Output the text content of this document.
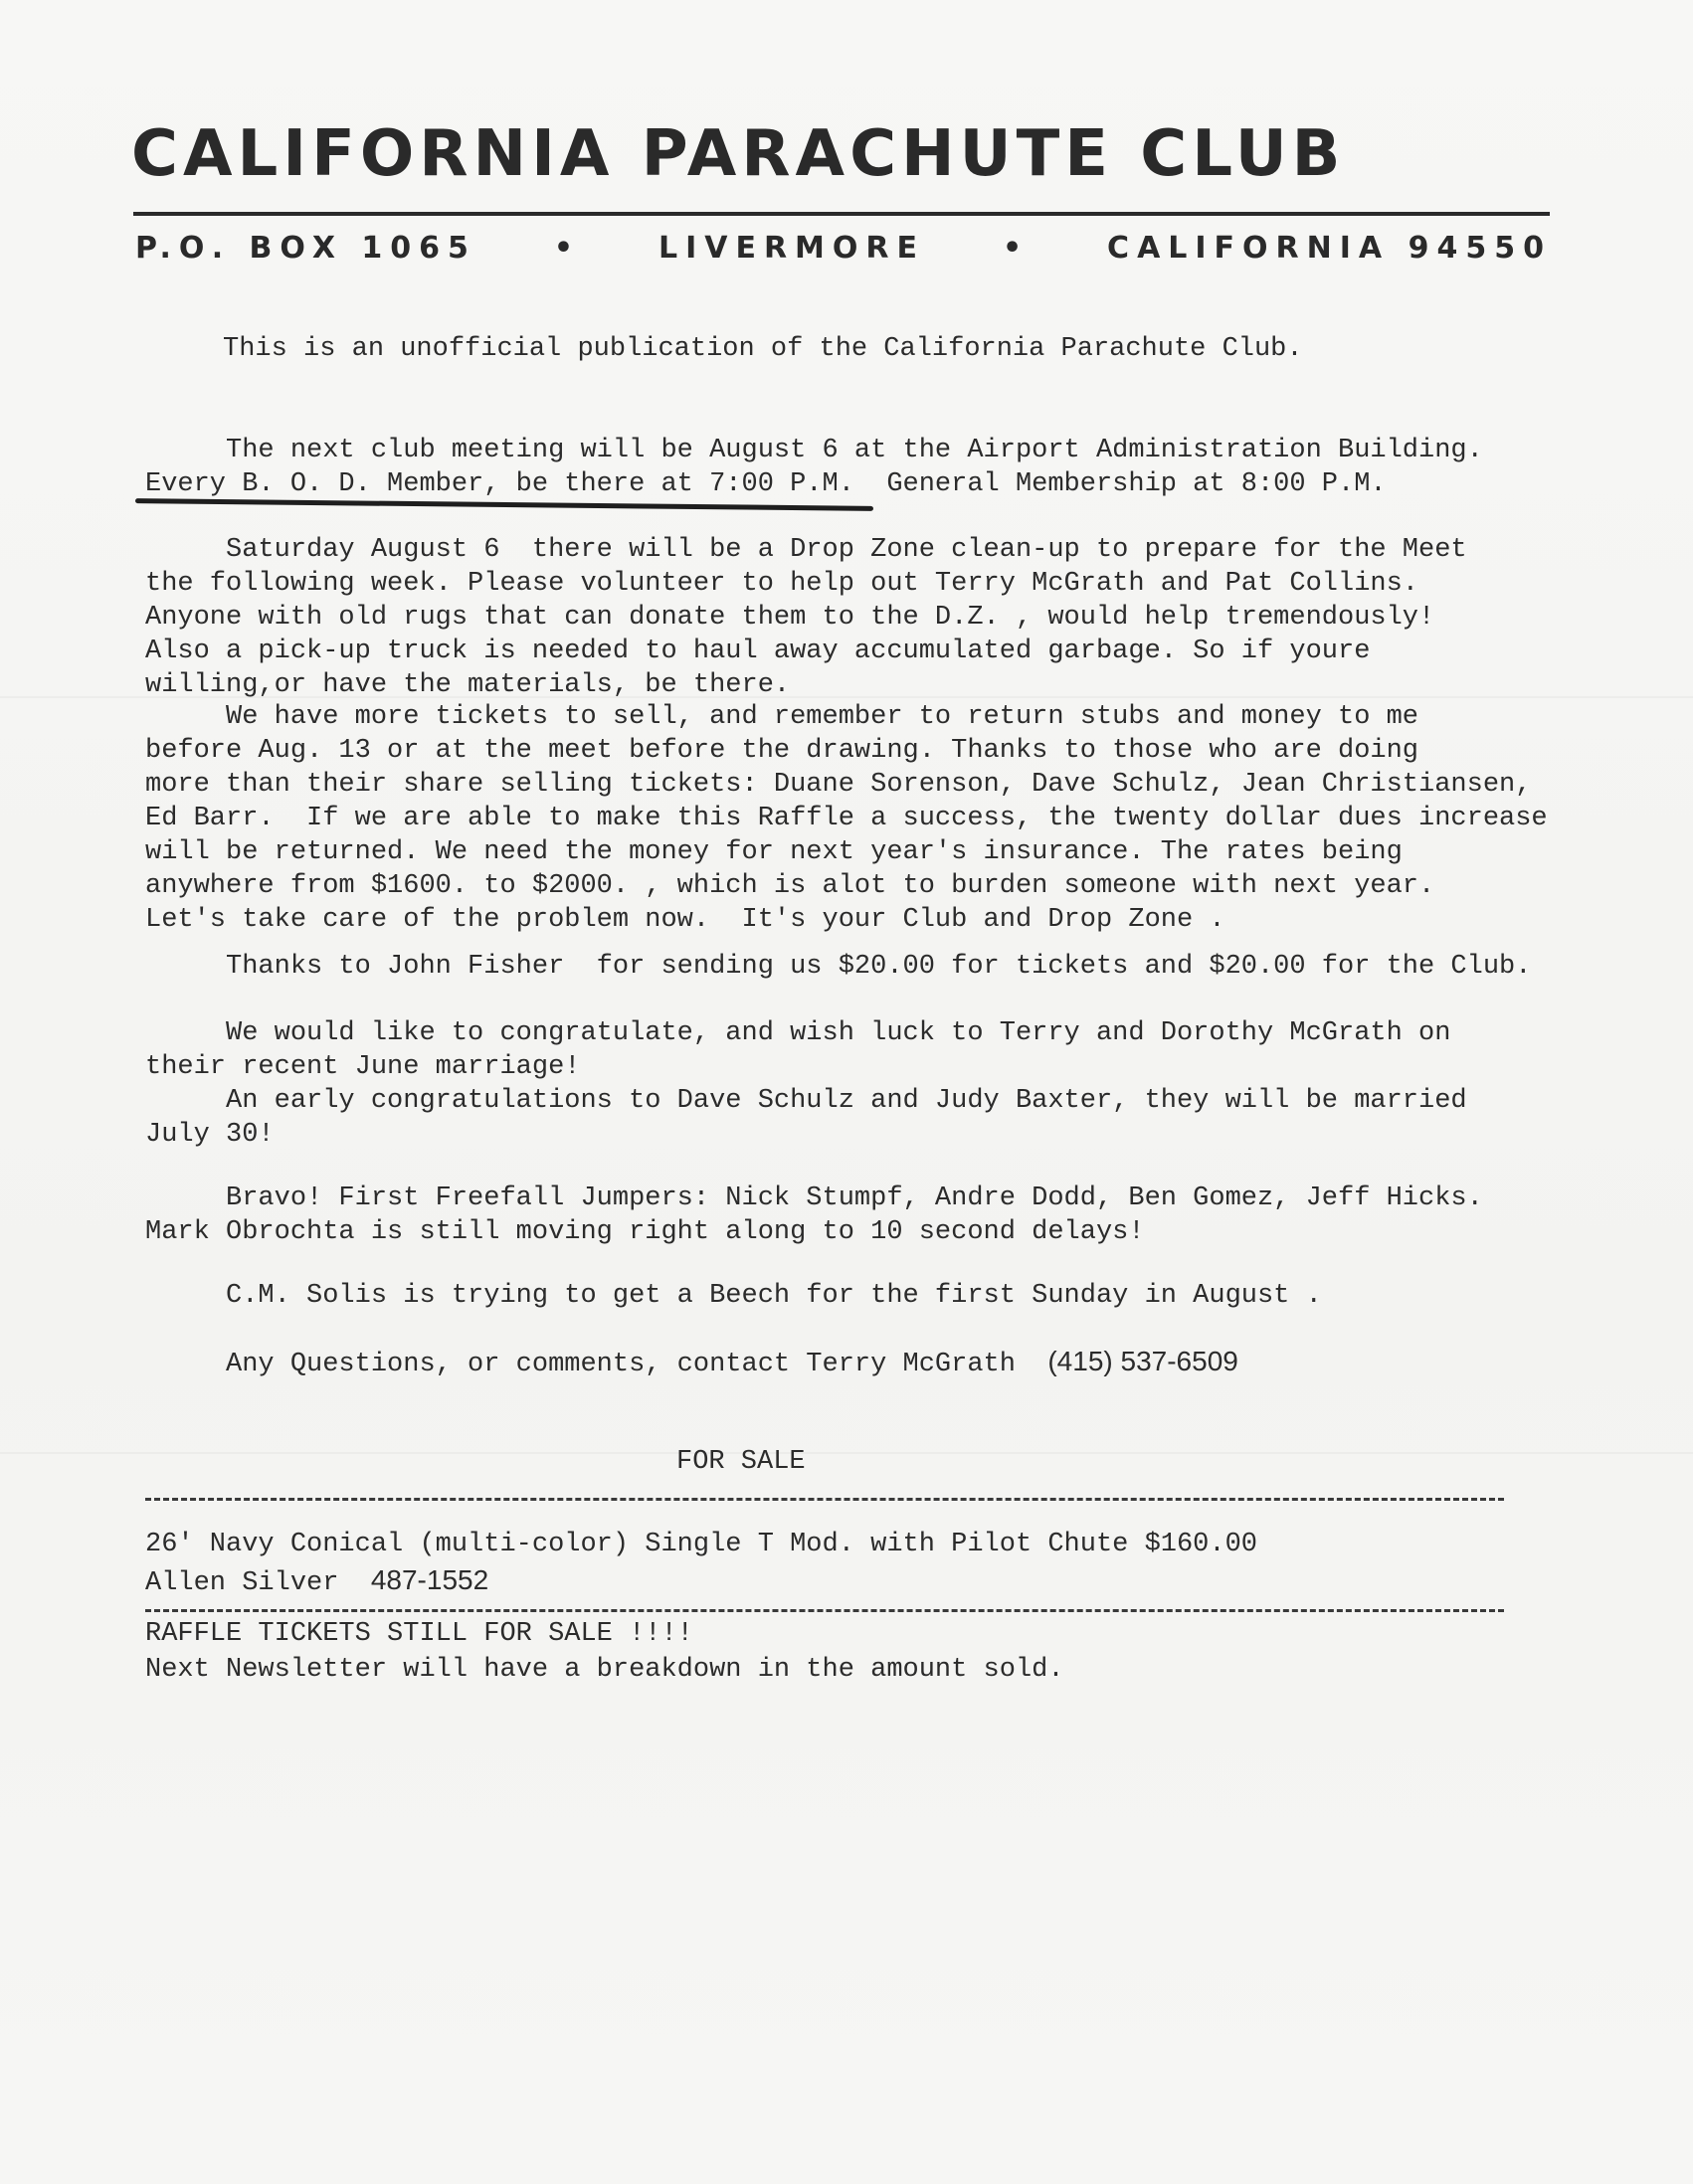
CALIFORNIA PARACHUTE CLUB
P.O. BOX 1065	•	LIVERMORE	•	CALIFORNIA 94550
This is an unofficial publication of the California Parachute Club.
The next club meeting will be August 6 at the Airport Administration Building.
Every B. O. D. Member, be there at 7:00 P.M.  General Membership at 8:00 P.M.
Saturday August 6  there will be a Drop Zone clean-up to prepare for the Meet
the following week. Please volunteer to help out Terry McGrath and Pat Collins.
Anyone with old rugs that can donate them to the D.Z. , would help tremendously!
Also a pick-up truck is needed to haul away accumulated garbage. So if youre
willing,or have the materials, be there.
We have more tickets to sell, and remember to return stubs and money to me
before Aug. 13 or at the meet before the drawing. Thanks to those who are doing
more than their share selling tickets: Duane Sorenson, Dave Schulz, Jean Christiansen,
Ed Barr.  If we are able to make this Raffle a success, the twenty dollar dues increase
will be returned. We need the money for next year's insurance. The rates being
anywhere from $1600. to $2000. , which is alot to burden someone with next year.
Let's take care of the problem now.  It's your Club and Drop Zone .
Thanks to John Fisher  for sending us $20.00 for tickets and $20.00 for the Club.
We would like to congratulate, and wish luck to Terry and Dorothy McGrath on
their recent June marriage!
An early congratulations to Dave Schulz and Judy Baxter, they will be married
July 30!
Bravo! First Freefall Jumpers: Nick Stumpf, Andre Dodd, Ben Gomez, Jeff Hicks.
Mark Obrochta is still moving right along to 10 second delays!
C.M. Solis is trying to get a Beech for the first Sunday in August .
Any Questions, or comments, contact Terry McGrath (415) 537-6509
FOR SALE
26' Navy Conical (multi-color) Single T Mod. with Pilot Chute $160.00
Allen Silver 487-1552
RAFFLE TICKETS STILL FOR SALE !!!!
Next Newsletter will have a breakdown in the amount sold.
